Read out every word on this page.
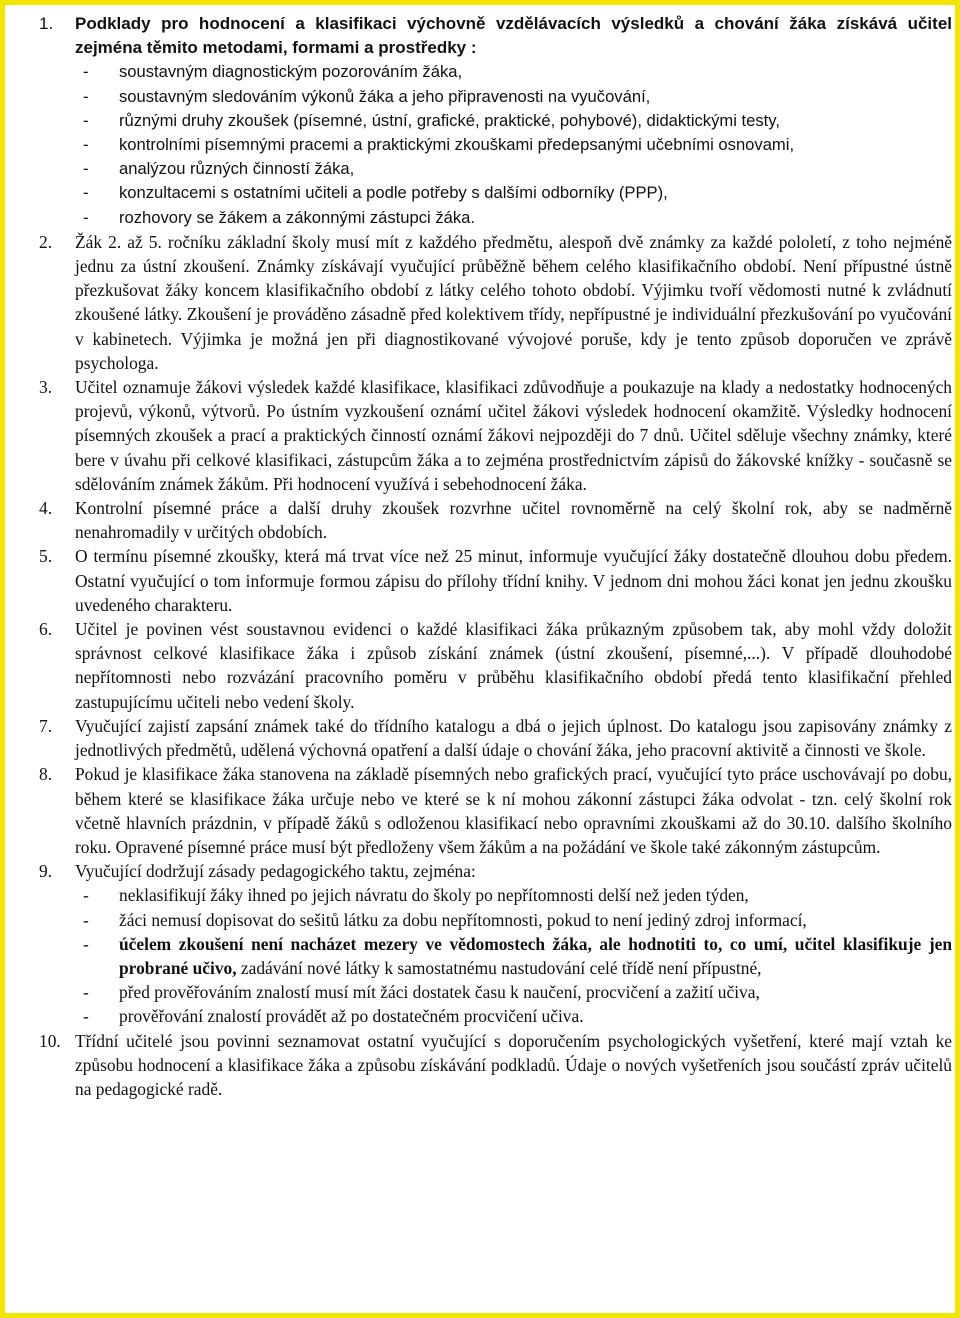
1.	Podklady pro hodnocení a klasifikaci výchovně vzdělávacích výsledků a chování žáka získává učitel zejména těmito metodami, formami a prostředky :

-	soustavným diagnostickým pozorováním žáka,
-	soustavným sledováním výkonů žáka a jeho připravenosti na vyučování,
-	různými druhy zkoušek (písemné, ústní, grafické, praktické, pohybové), didaktickými testy,
-	kontrolními písemnými pracemi a praktickými zkouškami předepsanými učebními osnovami,
-	analýzou různých činností žáka,
-	konzultacemi s ostatními učiteli a podle potřeby s dalšími odborníky (PPP),
-	rozhovory se žákem a zákonnými zástupci žáka.
2.	Žák 2. až 5. ročníku základní školy musí mít z každého předmětu, alespoň dvě známky za každé pololetí, z toho nejméně jednu za ústní zkoušení. Známky získávají vyučující průběžně během celého klasifikačního období. Není přípustné ústně přezkušovat žáky koncem klasifikačního období z látky celého tohoto období. Výjimku tvoří vědomosti nutné k zvládnutí zkoušené látky. Zkoušení je prováděno zásadně před kolektivem třídy, nepřípustné je individuální přezkušování po vyučování v kabinetech. Výjimka je možná jen při diagnostikované vývojové poruše, kdy je tento způsob doporučen ve zprávě psychologa.

3.	Učitel oznamuje žákovi výsledek každé klasifikace, klasifikaci zdůvodňuje a poukazuje na klady a nedostatky hodnocených projevů, výkonů, výtvorů. Po ústním vyzkoušení oznámí učitel žákovi výsledek hodnocení okamžitě. Výsledky hodnocení písemných zkoušek a prací a praktických činností oznámí žákovi nejpozději do 7 dnů. Učitel sděluje všechny známky, které bere v úvahu při celkové klasifikaci, zástupcům žáka a to zejména prostřednictvím zápisů do žákovské knížky - současně se sdělováním známek žákům. Při hodnocení využívá i sebehodnocení žáka.

4.	Kontrolní písemné práce a další druhy zkoušek rozvrhne učitel rovnoměrně na celý školní rok, aby se nadměrně nenahromadily v určitých obdobích.

5.	O termínu písemné zkoušky, která má trvat více než 25 minut, informuje vyučující žáky dostatečně dlouhou dobu předem. Ostatní vyučující o tom informuje formou zápisu do přílohy třídní knihy. V jednom dni mohou žáci konat jen jednu zkoušku uvedeného charakteru.

6.	Učitel je povinen vést soustavnou evidenci o každé klasifikaci žáka průkazným způsobem tak, aby mohl vždy doložit správnost celkové klasifikace žáka i způsob získání známek (ústní zkoušení, písemné,...). V případě dlouhodobé nepřítomnosti nebo rozvázání pracovního poměru v průběhu klasifikačního období předá tento klasifikační přehled zastupujícímu učiteli nebo vedení školy.

7.	Vyučující zajistí zapsání známek také do třídního katalogu a dbá o jejich úplnost. Do katalogu jsou zapisovány známky z jednotlivých předmětů, udělená výchovná opatření a další údaje o chování žáka, jeho pracovní aktivitě a činnosti ve škole.

8.	Pokud je klasifikace žáka stanovena na základě písemných nebo grafických prací, vyučující tyto práce uschovávají po dobu, během které se klasifikace žáka určuje nebo ve které se k ní mohou zákonní zástupci žáka odvolat - tzn. celý školní rok včetně hlavních prázdnin, v případě žáků s odloženou klasifikací nebo opravními zkouškami až do 30.10. dalšího školního roku. Opravené písemné práce musí být předloženy všem žákům a na požádání ve škole také zákonným zástupcům.

9.	Vyučující dodržují zásady pedagogického taktu, zejména:

-	neklasifikují žáky ihned po jejich návratu do školy po nepřítomnosti delší než jeden týden,
-	žáci nemusí dopisovat do sešitů látku za dobu nepřítomnosti, pokud to není jediný zdroj informací,
-	účelem zkoušení není nacházet mezery ve vědomostech žáka, ale hodnotiti to, co umí, učitel klasifikuje jen probrané učivo, zadávání nové látky k samostatnému nastudování celé třídě není přípustné,
-	před prověřováním znalostí musí mít žáci dostatek času k naučení, procvičení a zažití učiva,
-	prověřování znalostí provádět až po dostatečném procvičení učiva.
10. Třídní učitelé jsou povinni seznamovat ostatní vyučující s doporučením psychologických vyšetření, které mají vztah ke způsobu hodnocení a klasifikace žáka a způsobu získávání podkladů. Údaje o nových vyšetřeních jsou součástí zpráv učitelů na pedagogické radě.
